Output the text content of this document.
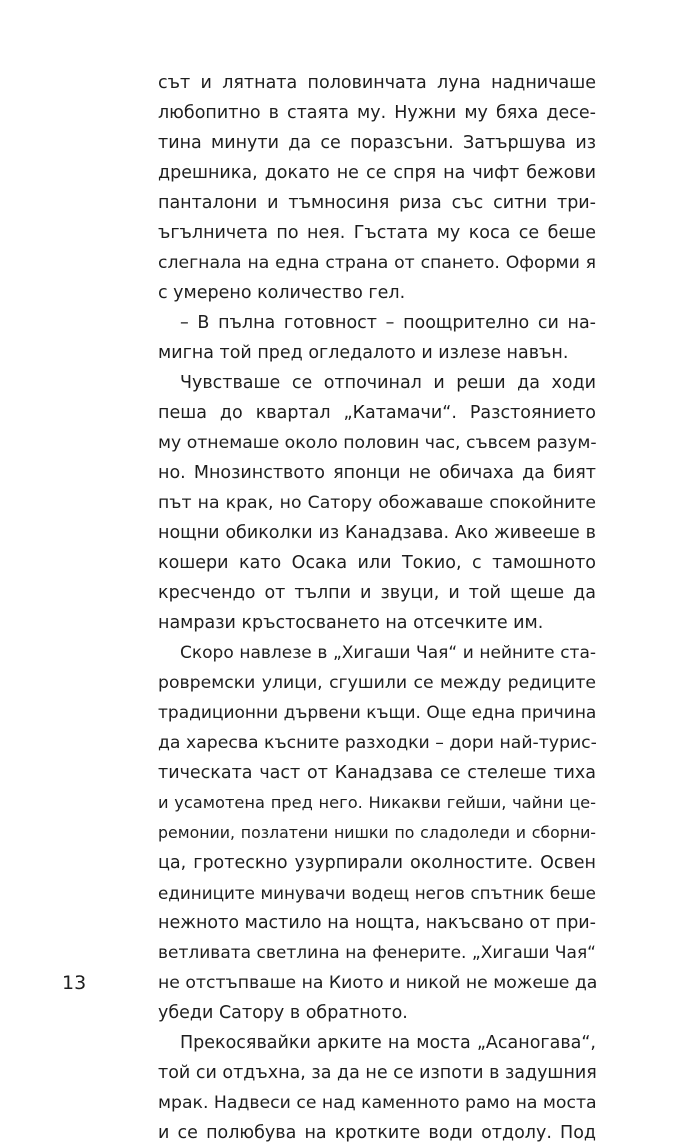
сът и лятната половинчата луна надничаше
любопитно в стаята му. Нужни му бяха десе-
тина минути да се поразсъни. Затършува из
дрешника, докато не се спря на чифт бежови
панталони и тъмносиня риза със ситни три-
ъгълничета по нея. Гъстата му коса се беше
слегнала на една страна от спането. Оформи я
с умерено количество гел.
– В пълна готовност – поощрително си на-
мигна той пред огледалото и излезе навън.
Чувстваше се отпочинал и реши да ходи
пеша до квартал „Катамачи“. Разстоянието
му отнемаше около половин час, съвсем разум-
но. Мнозинството японци не обичаха да бият
път на крак, но Сатору обожаваше спокойните
нощни обиколки из Канадзава. Ако живееше в
кошери като Осака или Токио, с тамошното
кресчендо от тълпи и звуци, и той щеше да
намрази кръстосването на отсечките им.
Скоро навлезе в „Хигаши Чая“ и нейните ста-
ровремски улици, сгушили се между редиците
традиционни дървени къщи. Още една причина
да харесва късните разходки – дори най-турис-
тическата част от Канадзава се стелеше тиха
и усамотена пред него. Никакви гейши, чайни це-
ремонии, позлатени нишки по сладоледи и сборни-
ца, гротескно узурпирали околностите. Освен
единиците минувачи водещ негов спътник беше
нежното мастило на нощта, накъсвано от при-
ветливата светлина на фенерите. „Хигаши Чая“
не отстъпваше на Киото и никой не можеше да
убеди Сатору в обратното.
Прекосявайки арките на моста „Асаногава“,
той си отдъхна, за да не се изпоти в задушния
мрак. Надвеси се над каменното рамо на моста
и се полюбува на кротките води отдолу. Под
13
